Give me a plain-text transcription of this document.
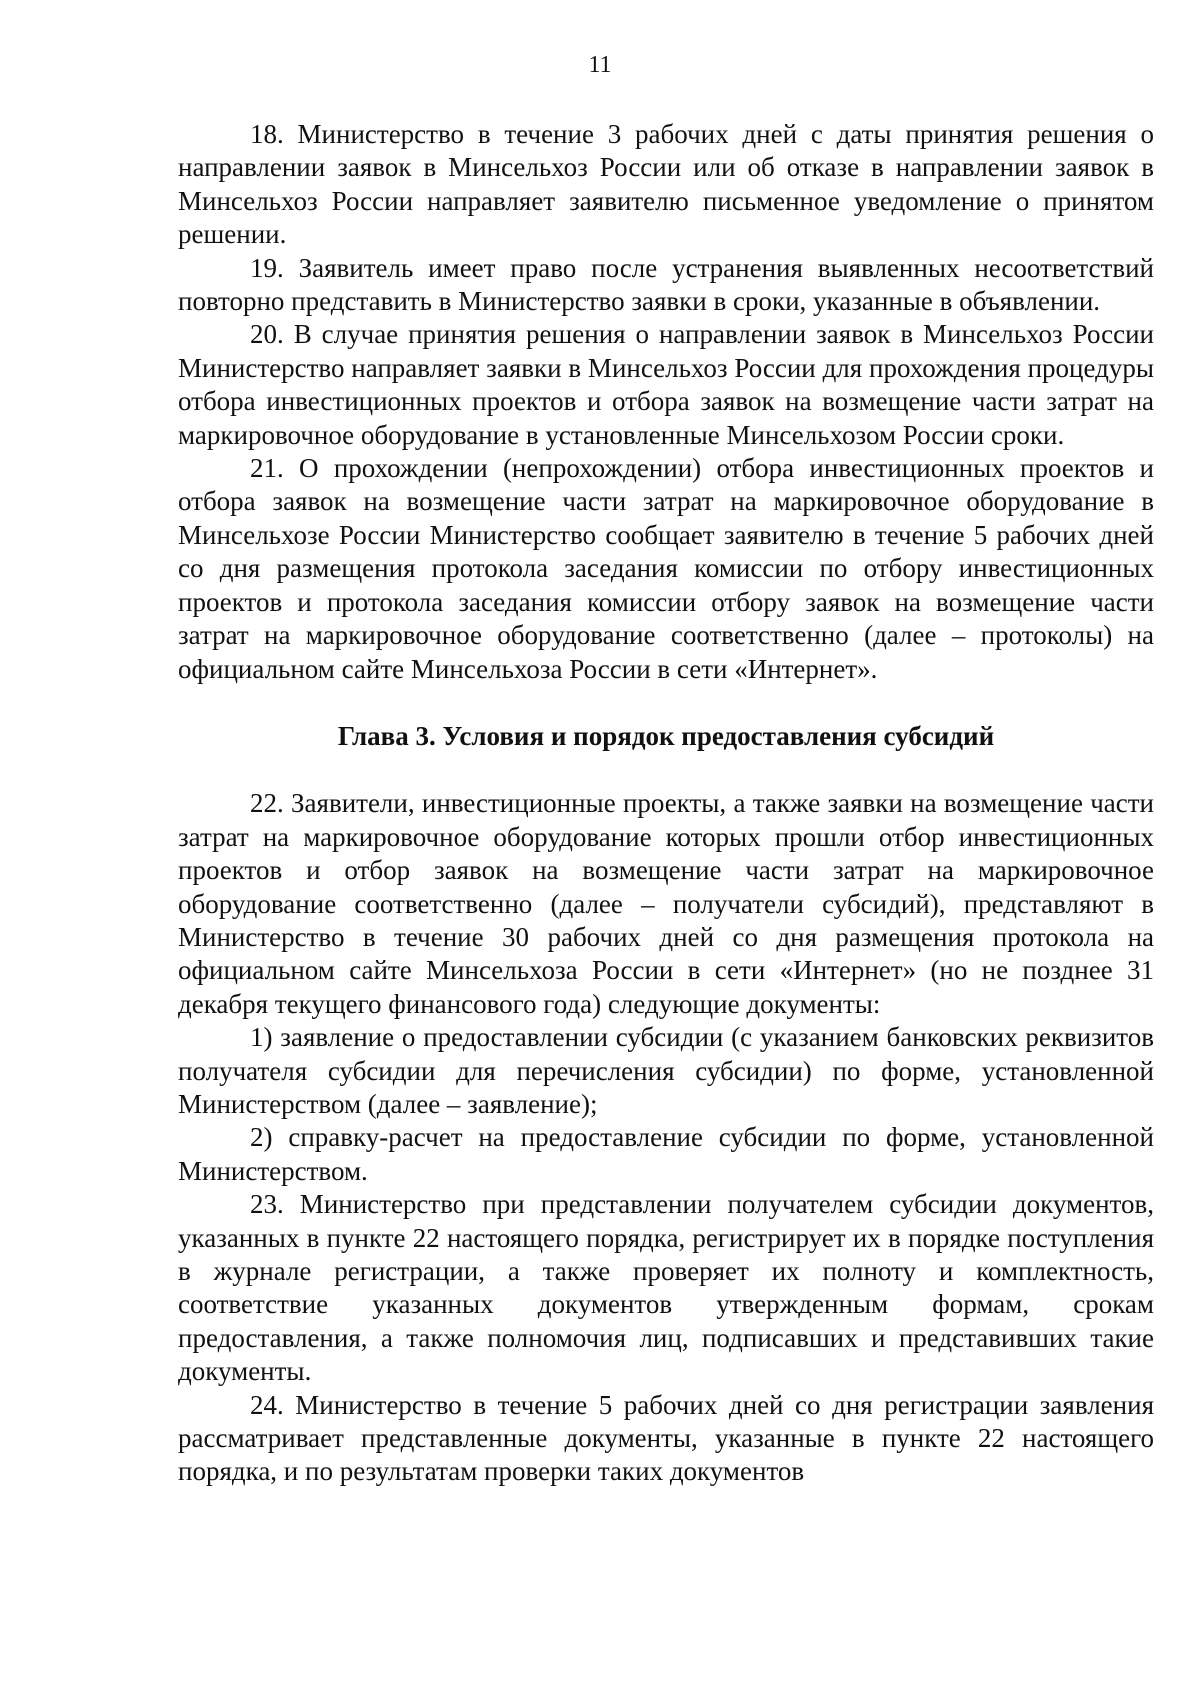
11

18. Министерство в течение 3 рабочих дней с даты принятия решения о направлении заявок в Минсельхоз России или об отказе в направлении заявок в Минсельхоз России направляет заявителю письменное уведомление о принятом решении.

19. Заявитель имеет право после устранения выявленных несоответствий повторно представить в Министерство заявки в сроки, указанные в объявлении.

20. В случае принятия решения о направлении заявок в Минсельхоз России Министерство направляет заявки в Минсельхоз России для прохождения процедуры отбора инвестиционных проектов и отбора заявок на возмещение части затрат на маркировочное оборудование в установленные Минсельхозом России сроки.

21. О прохождении (непрохождении) отбора инвестиционных проектов и отбора заявок на возмещение части затрат на маркировочное оборудование в Минсельхозе России Министерство сообщает заявителю в течение 5 рабочих дней со дня размещения протокола заседания комиссии по отбору инвестиционных проектов и протокола заседания комиссии отбору заявок на возмещение части затрат на маркировочное оборудование соответственно (далее – протоколы) на официальном сайте Минсельхоза России в сети «Интернет».

Глава 3. Условия и порядок предоставления субсидий

22. Заявители, инвестиционные проекты, а также заявки на возмещение части затрат на маркировочное оборудование которых прошли отбор инвестиционных проектов и отбор заявок на возмещение части затрат на маркировочное оборудование соответственно (далее – получатели субсидий), представляют в Министерство в течение 30 рабочих дней со дня размещения протокола на официальном сайте Минсельхоза России в сети «Интернет» (но не позднее 31 декабря текущего финансового года) следующие документы:

1) заявление о предоставлении субсидии (с указанием банковских реквизитов получателя субсидии для перечисления субсидии) по форме, установленной Министерством (далее – заявление);

2) справку-расчет на предоставление субсидии по форме, установленной Министерством.

23. Министерство при представлении получателем субсидии документов, указанных в пункте 22 настоящего порядка, регистрирует их в порядке поступления в журнале регистрации, а также проверяет их полноту и комплектность, соответствие указанных документов утвержденным формам, срокам предоставления, а также полномочия лиц, подписавших и представивших такие документы.

24. Министерство в течение 5 рабочих дней со дня регистрации заявления рассматривает представленные документы, указанные в пункте 22 настоящего порядка, и по результатам проверки таких документов
